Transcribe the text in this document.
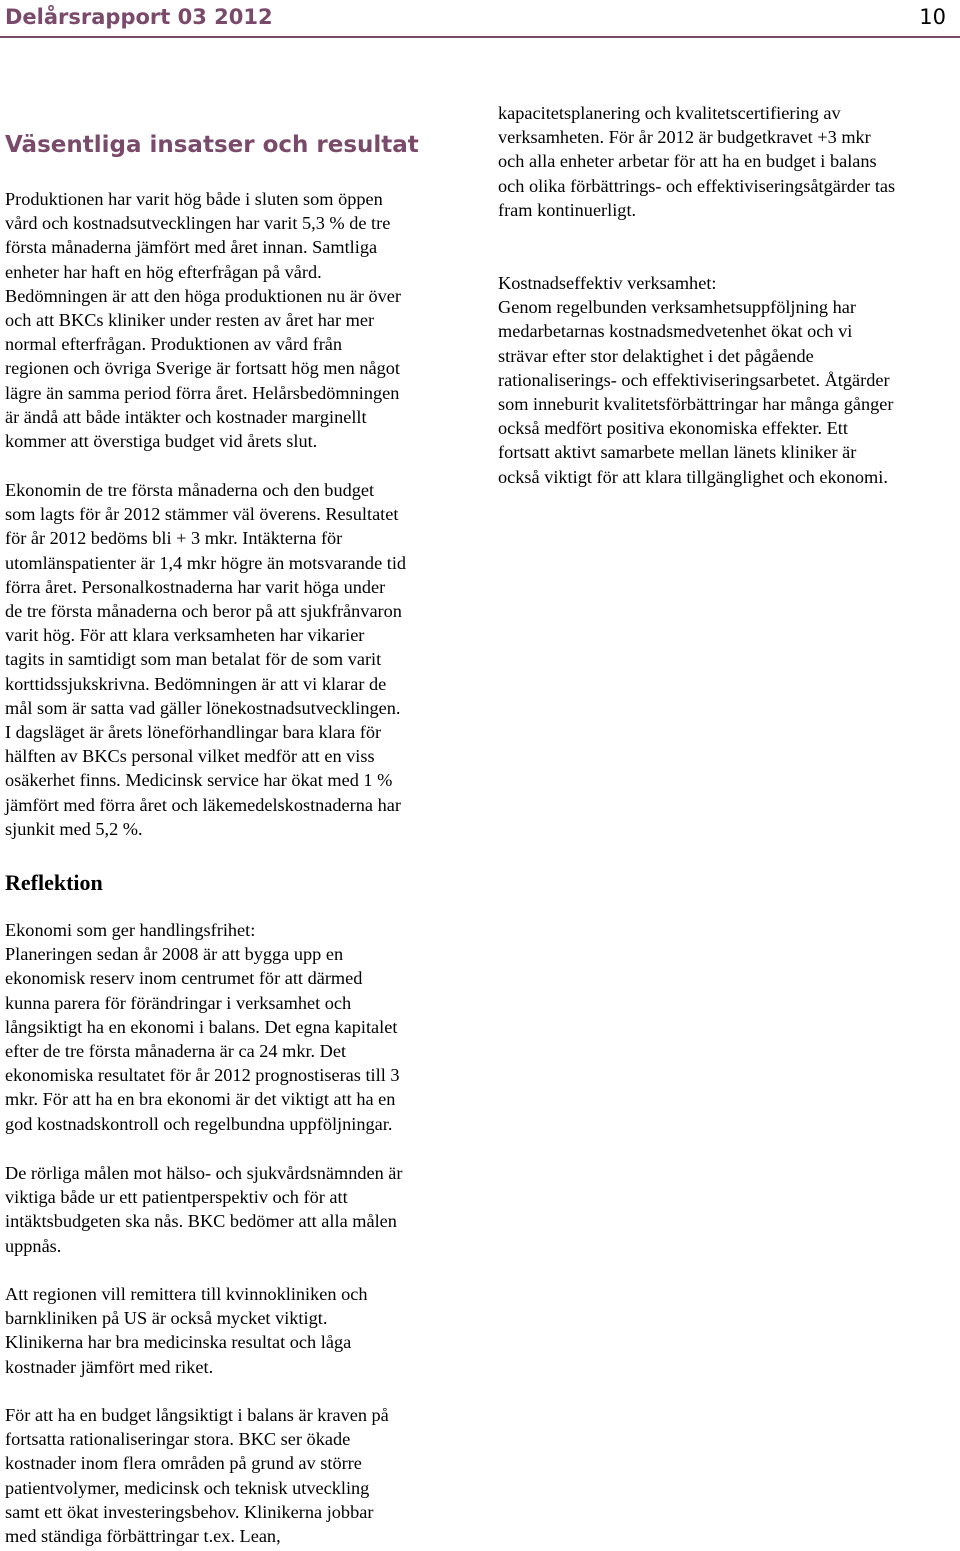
Delårsrapport 03 2012	10
Väsentliga insatser och resultat

Produktionen har varit hög både i sluten som öppen
vård och kostnadsutvecklingen har varit 5,3 % de tre
första månaderna jämfört med året innan. Samtliga
enheter har haft en hög efterfrågan på vård.
Bedömningen är att den höga produktionen nu är över
och att BKCs kliniker under resten av året har mer
normal efterfrågan. Produktionen av vård från
regionen och övriga Sverige är fortsatt hög men något
lägre än samma period förra året. Helårsbedömningen
är ändå att både intäkter och kostnader marginellt
kommer att överstiga budget vid årets slut.

Ekonomin de tre första månaderna och den budget
som lagts för år 2012 stämmer väl överens. Resultatet
för år 2012 bedöms bli + 3 mkr. Intäkterna för
utomlänspatienter är 1,4 mkr högre än motsvarande tid
förra året. Personalkostnaderna har varit höga under
de tre första månaderna och beror på att sjukfrånvaron
varit hög. För att klara verksamheten har vikarier
tagits in samtidigt som man betalat för de som varit
korttidssjukskrivna. Bedömningen är att vi klarar de
mål som är satta vad gäller lönekostnadsutvecklingen.
I dagsläget är årets löneförhandlingar bara klara för
hälften av BKCs personal vilket medför att en viss
osäkerhet finns. Medicinsk service har ökat med 1 %
jämfört med förra året och läkemedelskostnaderna har
sjunkit med 5,2 %.

Reflektion

Ekonomi som ger handlingsfrihet:
Planeringen sedan år 2008 är att bygga upp en
ekonomisk reserv inom centrumet för att därmed
kunna parera för förändringar i verksamhet och
långsiktigt ha en ekonomi i balans. Det egna kapitalet
efter de tre första månaderna är ca 24 mkr. Det
ekonomiska resultatet för år 2012 prognostiseras till 3
mkr. För att ha en bra ekonomi är det viktigt att ha en
god kostnadskontroll och regelbundna uppföljningar.

De rörliga målen mot hälso- och sjukvårdsnämnden är
viktiga både ur ett patientperspektiv och för att
intäktsbudgeten ska nås. BKC bedömer att alla målen
uppnås.

Att regionen vill remittera till kvinnokliniken och
barnkliniken på US är också mycket viktigt.
Klinikerna har bra medicinska resultat och låga
kostnader jämfört med riket.

För att ha en budget långsiktigt i balans är kraven på
fortsatta rationaliseringar stora. BKC ser ökade
kostnader inom flera områden på grund av större
patientvolymer, medicinsk och teknisk utveckling
samt ett ökat investeringsbehov. Klinikerna jobbar
med ständiga förbättringar t.ex. Lean,

kapacitetsplanering och kvalitetscertifiering av
verksamheten. För år 2012 är budgetkravet +3 mkr
och alla enheter arbetar för att ha en budget i balans
och olika förbättrings- och effektiviseringsåtgärder tas
fram kontinuerligt.

Kostnadseffektiv verksamhet:
Genom regelbunden verksamhetsuppföljning har
medarbetarnas kostnadsmedvetenhet ökat och vi
strävar efter stor delaktighet i det pågående
rationaliserings- och effektiviseringsarbetet. Åtgärder
som inneburit kvalitetsförbättringar har många gånger
också medfört positiva ekonomiska effekter. Ett
fortsatt aktivt samarbete mellan länets kliniker är
också viktigt för att klara tillgänglighet och ekonomi.
